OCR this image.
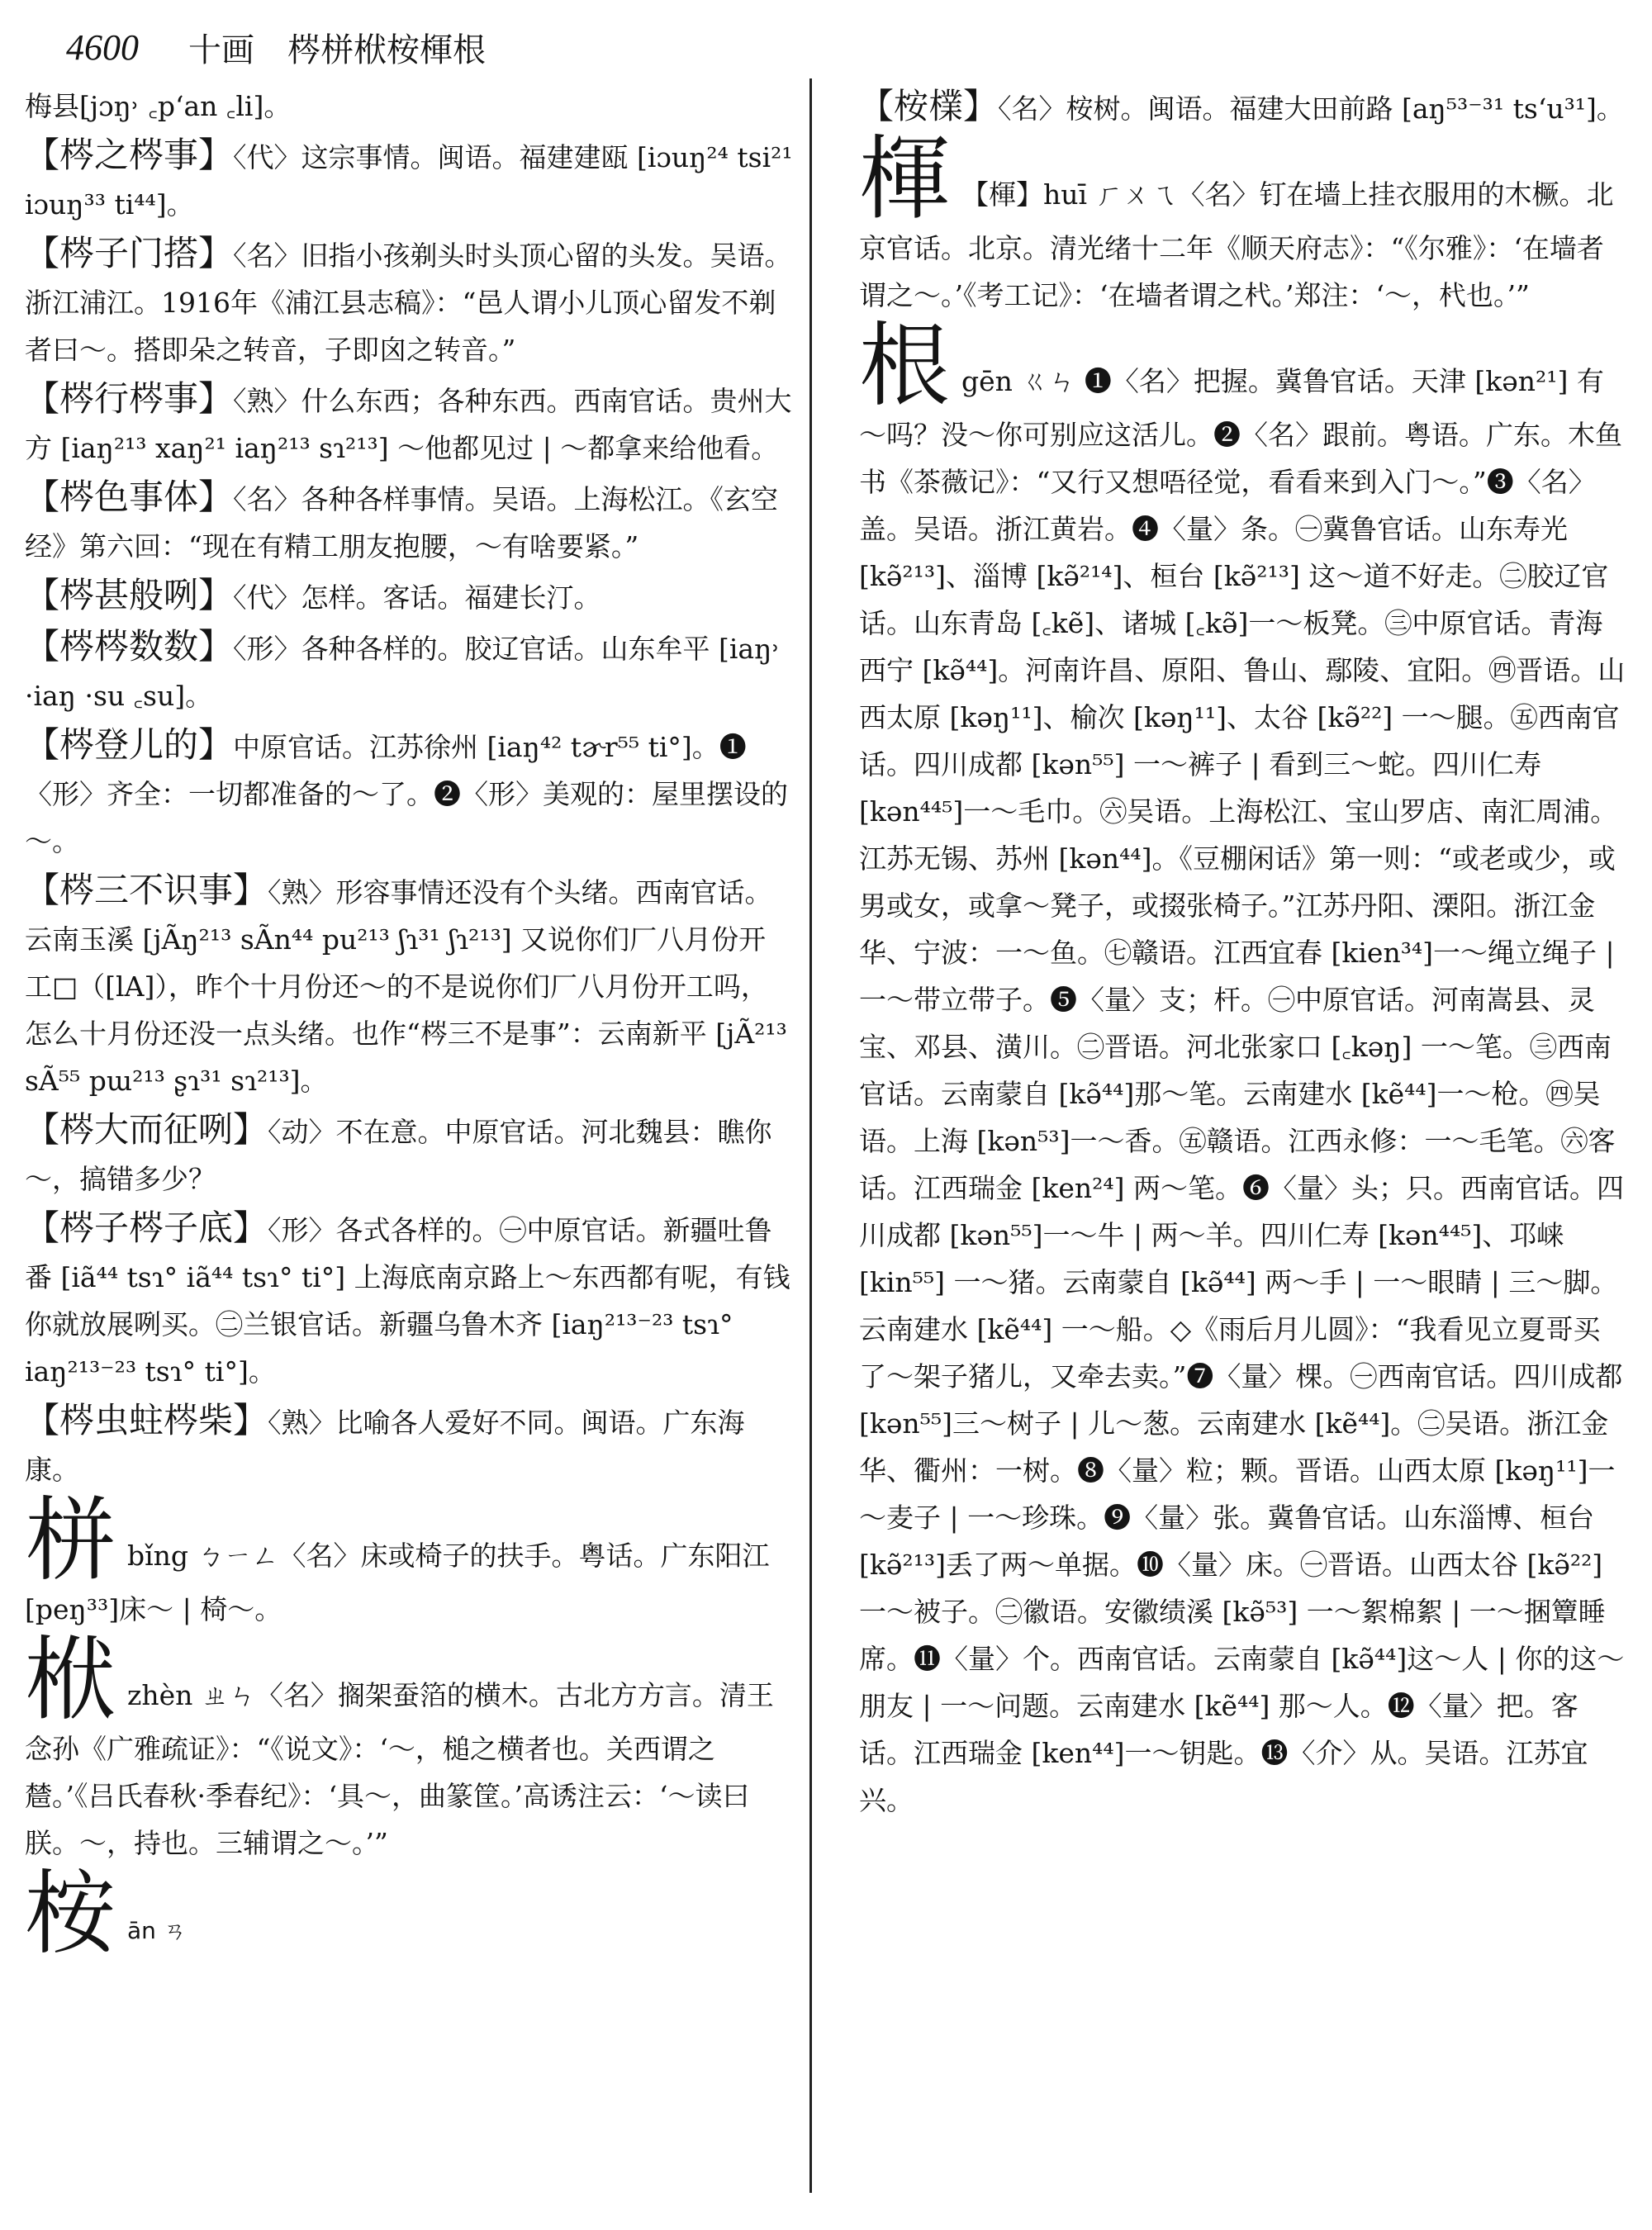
4600 十画 梣栟栿桉楎根

梅县[jɔŋ˒ ꜀p‘an ꜀li]。

【梣之梣事】〈代〉这宗事情。闽语。福建建瓯 [iɔuŋ²⁴ tsi²¹ iɔuŋ³³ ti⁴⁴]。

【梣子门搭】〈名〉旧指小孩剃头时头顶心留的头发。吴语。浙江浦江。1916年《浦江县志稿》：“邑人谓小儿顶心留发不剃者曰～。搭即朵之转音，子即囟之转音。”

【梣行梣事】〈熟〉什么东西；各种东西。西南官话。贵州大方 [iaŋ²¹³ xaŋ²¹ iaŋ²¹³ sɿ²¹³] ～他都见过 | ～都拿来给他看。

【梣色事体】〈名〉各种各样事情。吴语。上海松江。《玄空经》第六回：“现在有精工朋友抱腰，～有啥要紧。”

【梣甚般咧】〈代〉怎样。客话。福建长汀。

【梣梣数数】〈形〉各种各样的。胶辽官话。山东牟平 [iaŋ˒ ·iaŋ ·su ꜀su]。

【梣登儿的】中原官话。江苏徐州 [iaŋ⁴² tɚr⁵⁵ ti°]。❶〈形〉齐全：一切都准备的～了。❷〈形〉美观的：屋里摆设的～。

【梣三不识事】〈熟〉形容事情还没有个头绪。西南官话。云南玉溪 [jÃŋ²¹³ sÃn⁴⁴ pu²¹³ ʃɿ³¹ ʃɿ²¹³] 又说你们厂八月份开工□（[lA]），昨个十月份还～的不是说你们厂八月份开工吗，怎么十月份还没一点头绪。也作“梣三不是事”：云南新平 [jÃ²¹³ sÃ⁵⁵ pɯ²¹³ ʂɿ³¹ sɿ²¹³]。

【梣大而征咧】〈动〉不在意。中原官话。河北魏县：瞧你～，搞错多少？

【梣子梣子底】〈形〉各式各样的。㊀中原官话。新疆吐鲁番 [iã⁴⁴ tsɿ° iã⁴⁴ tsɿ° ti°] 上海底南京路上～东西都有呢，有钱你就放展咧买。㊁兰银官话。新疆乌鲁木齐 [iaŋ²¹³⁻²³ tsɿ° iaŋ²¹³⁻²³ tsɿ° ti°]。

【梣虫蛀梣柴】〈熟〉比喻各人爱好不同。闽语。广东海康。

栟bǐng ㄅㄧㄥ〈名〉床或椅子的扶手。粤话。广东阳江 [peŋ³³]床～ | 椅～。

栿zhèn ㄓㄣ〈名〉搁架蚕箔的横木。古北方方言。清王念孙《广雅疏证》：“《说文》：‘～，槌之横者也。关西谓之㯄。’《吕氏春秋·季春纪》：‘具～，曲篆筐。’高诱注云：‘～读曰朕。～，持也。三辅谓之～。’”

桉ān ㄢ

【桉檏】〈名〉桉树。闽语。福建大田前路 [aŋ⁵³⁻³¹ ts‘u³¹]。

楎 【楎】huī ㄏㄨㄟ〈名〉钉在墙上挂衣服用的木橛。北京官话。北京。清光绪十二年《顺天府志》：“《尔雅》：‘在墙者谓之～。’《考工记》：‘在墙者谓之杙。’郑注：‘～，杙也。’”

根gēn ㄍㄣ ❶〈名〉把握。冀鲁官话。天津 [kən²¹] 有～吗？没～你可别应这活儿。❷〈名〉跟前。粤语。广东。木鱼书《茶薇记》：“又行又想唔径觉，看看来到入门～。”❸〈名〉盖。吴语。浙江黄岩。❹〈量〉条。㊀冀鲁官话。山东寿光 [kə̃²¹³]、淄博 [kə̃²¹⁴]、桓台 [kə̃²¹³] 这～道不好走。㊁胶辽官话。山东青岛 [꜀kẽ]、诸城 [꜀kə̃]一～板凳。㊂中原官话。青海西宁 [kə̃⁴⁴]。河南许昌、原阳、鲁山、鄢陵、宜阳。㊃晋语。山西太原 [kəŋ¹¹]、榆次 [kəŋ¹¹]、太谷 [kə̃²²] 一～腿。㊄西南官话。四川成都 [kən⁵⁵] 一～裤子 | 看到三～蛇。四川仁寿 [kən⁴⁴⁵]一～毛巾。㊅吴语。上海松江、宝山罗店、南汇周浦。江苏无锡、苏州 [kən⁴⁴]。《豆棚闲话》第一则：“或老或少，或男或女，或拿～凳子，或掇张椅子。”江苏丹阳、溧阳。浙江金华、宁波：一～鱼。㊆赣语。江西宜春 [kien³⁴]一～绳立绳子 | 一～带立带子。❺〈量〉支；杆。㊀中原官话。河南嵩县、灵宝、邓县、潢川。㊁晋语。河北张家口 [꜀kəŋ] 一～笔。㊂西南官话。云南蒙自 [kə̃⁴⁴]那～笔。云南建水 [kẽ⁴⁴]一～枪。㊃吴语。上海 [kən⁵³]一～香。㊄赣语。江西永修：一～毛笔。㊅客话。江西瑞金 [ken²⁴] 两～笔。❻〈量〉头；只。西南官话。四川成都 [kən⁵⁵]一～牛 | 两～羊。四川仁寿 [kən⁴⁴⁵]、邛崃 [kin⁵⁵] 一～猪。云南蒙自 [kə̃⁴⁴] 两～手 | 一～眼睛 | 三～脚。云南建水 [kẽ⁴⁴] 一～船。◇《雨后月儿圆》：“我看见立夏哥买了～架子猪儿，又牵去卖。”❼〈量〉棵。㊀西南官话。四川成都 [kən⁵⁵]三～树子 | 儿～葱。云南建水 [kẽ⁴⁴]。㊁吴语。浙江金华、衢州：一树。❽〈量〉粒；颗。晋语。山西太原 [kəŋ¹¹]一～麦子 | 一～珍珠。❾〈量〉张。冀鲁官话。山东淄博、桓台 [kə̃²¹³]丢了两～单据。❿〈量〉床。㊀晋语。山西太谷 [kə̃²²]一～被子。㊁徽语。安徽绩溪 [kə̃⁵³] 一～絮棉絮 | 一～捆簟睡席。⓫〈量〉个。西南官话。云南蒙自 [kə̃⁴⁴]这～人 | 你的这～朋友 | 一～问题。云南建水 [kẽ⁴⁴] 那～人。⓬〈量〉把。客话。江西瑞金 [ken⁴⁴]一～钥匙。⓭〈介〉从。吴语。江苏宜兴。
